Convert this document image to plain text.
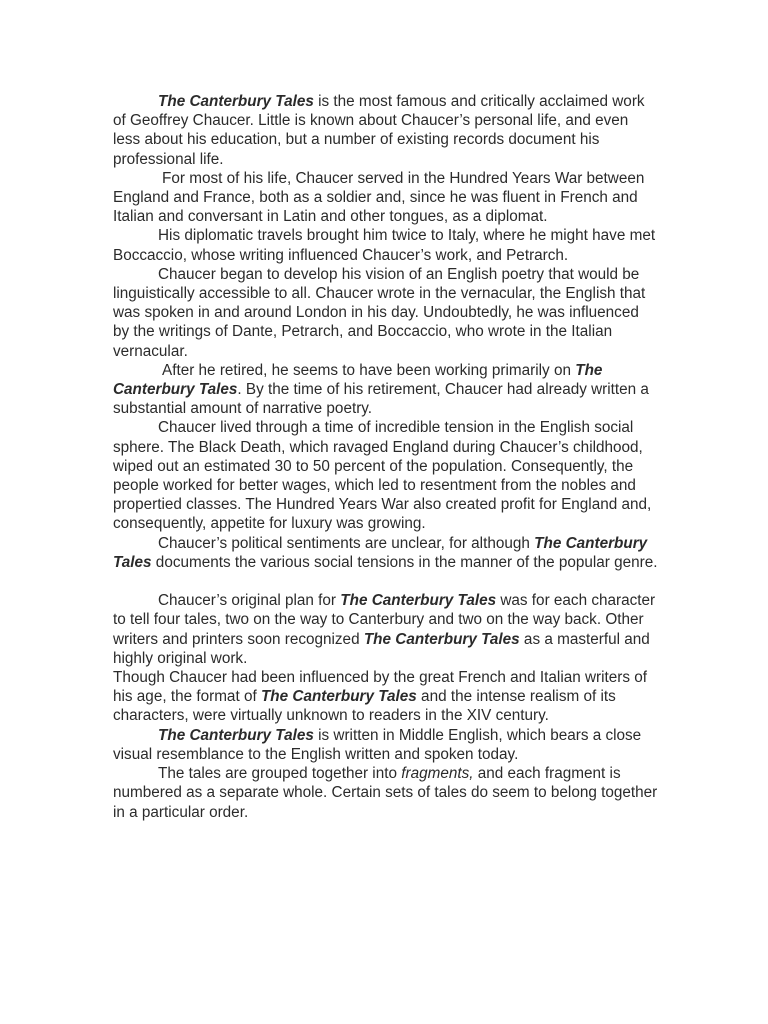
The Canterbury Tales is the most famous and critically acclaimed work of Geoffrey Chaucer. Little is known about Chaucer’s personal life, and even less about his education, but a number of existing records document his professional life.

For most of his life, Chaucer served in the Hundred Years War between England and France, both as a soldier and, since he was fluent in French and Italian and conversant in Latin and other tongues, as a diplomat.

His diplomatic travels brought him twice to Italy, where he might have met Boccaccio, whose writing influenced Chaucer’s work, and Petrarch.

Chaucer began to develop his vision of an English poetry that would be linguistically accessible to all. Chaucer wrote in the vernacular, the English that was spoken in and around London in his day. Undoubtedly, he was influenced by the writings of Dante, Petrarch, and Boccaccio, who wrote in the Italian vernacular.

After he retired, he seems to have been working primarily on The Canterbury Tales. By the time of his retirement, Chaucer had already written a substantial amount of narrative poetry.

Chaucer lived through a time of incredible tension in the English social sphere. The Black Death, which ravaged England during Chaucer’s childhood, wiped out an estimated 30 to 50 percent of the population. Consequently, the people worked for better wages, which led to resentment from the nobles and propertied classes. The Hundred Years War also created profit for England and, consequently, appetite for luxury was growing.

Chaucer’s political sentiments are unclear, for although The Canterbury Tales documents the various social tensions in the manner of the popular genre.

Chaucer’s original plan for The Canterbury Tales was for each character to tell four tales, two on the way to Canterbury and two on the way back. Other writers and printers soon recognized The Canterbury Tales as a masterful and highly original work.

Though Chaucer had been influenced by the great French and Italian writers of his age, the format of The Canterbury Tales and the intense realism of its characters, were virtually unknown to readers in the XIV century.

The Canterbury Tales is written in Middle English, which bears a close visual resemblance to the English written and spoken today.

The tales are grouped together into fragments, and each fragment is numbered as a separate whole. Certain sets of tales do seem to belong together in a particular order.
